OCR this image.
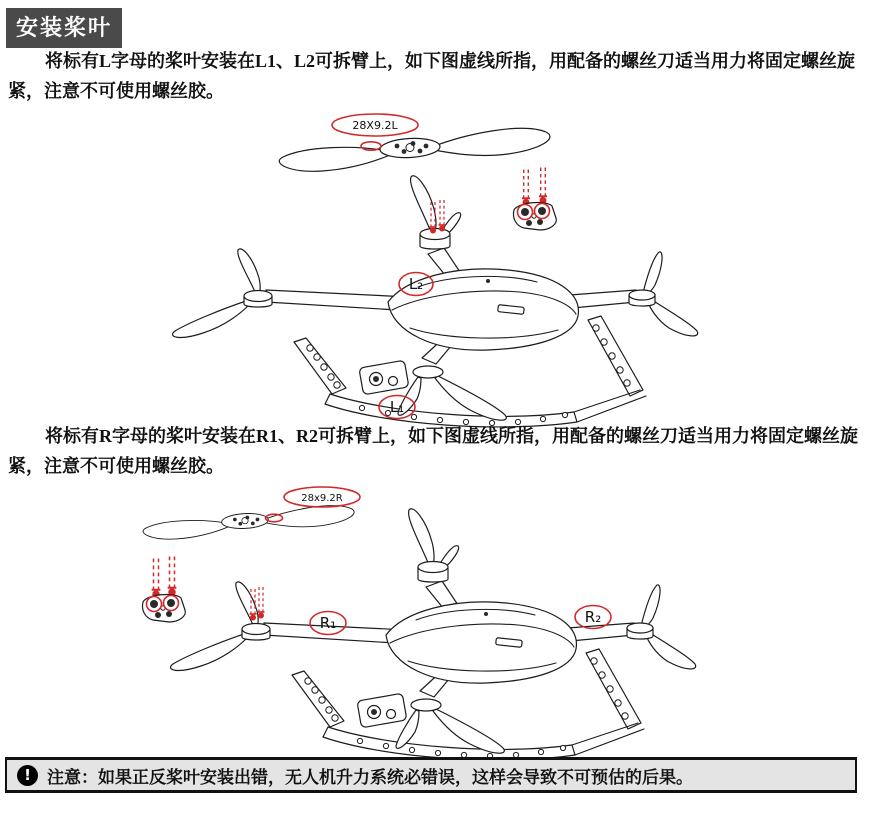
安装桨叶
将标有L字母的桨叶安装在L1、L2可拆臂上，如下图虚线所指，用配备的螺丝刀适当用力将固定螺丝旋
紧，注意不可使用螺丝胶。
28X9.2L
L₂
L₁
将标有R字母的桨叶安装在R1、R2可拆臂上，如下图虚线所指，用配备的螺丝刀适当用力将固定螺丝旋
紧，注意不可使用螺丝胶。
28x9.2R
R₁	R₂
! 注意：如果正反桨叶安装出错，无人机升力系统必错误，这样会导致不可预估的后果。
